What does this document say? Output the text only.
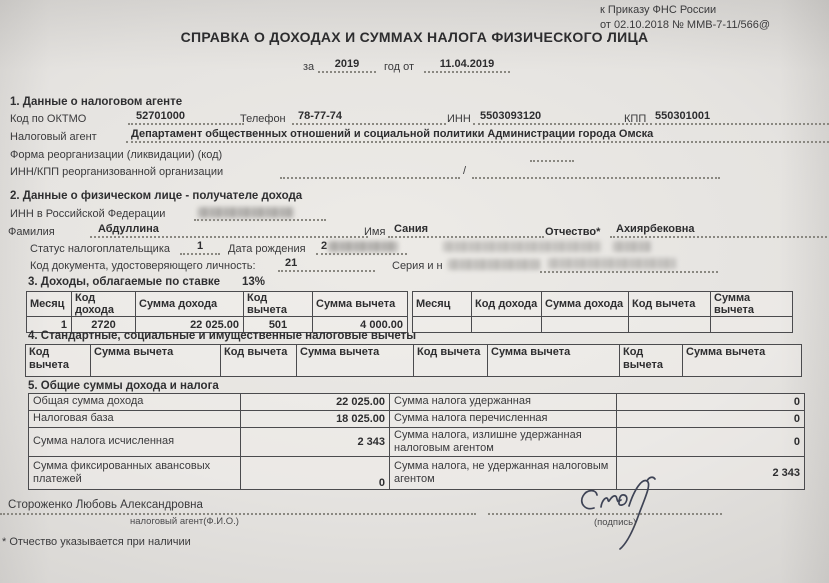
к Приказу ФНС России
от 02.10.2018 № ММВ-7-11/566@
СПРАВКА О ДОХОДАХ И СУММАХ НАЛОГА ФИЗИЧЕСКОГО ЛИЦА
за	2019	год от	11.04.2019
1. Данные о налоговом агенте
Код по ОКТМО	52701000	Телефон	78-77-74	ИНН 5503093120	КПП 550301001
Налоговый агент	Департамент общественных отношений и социальной политики Администрации города Омска
Форма реорганизации (ликвидации) (код)
ИНН/КПП реорганизованной организации	/
2. Данные о физическом лице - получателе дохода
ИНН в Российской Федерации
Фамилия	Абдуллина	Имя Сания	Отчество*	Ахиярбековна
Статус налогоплательщика	1	Дата рождения	2
Код документа, удостоверяющего личность:	21	Серия и н
3. Доходы, облагаемые по ставке 13%
Месяц	Код дохода	Сумма дохода	Код вычета	Сумма вычета
1	2720	22 025.00	501	4 000.00
Месяц	Код дохода	Сумма дохода	Код вычета	Сумма вычета

4. Стандартные, социальные и имущественные налоговые вычеты
Код вычета	Сумма вычета	Код вычета	Сумма вычета	Код вычета	Сумма вычета	Код вычета	Сумма вычета
5. Общие суммы дохода и налога
Общая сумма дохода	22 025.00	Сумма налога удержанная	0
Налоговая база	18 025.00	Сумма налога перечисленная	0
Сумма налога исчисленная	2 343	Сумма налога, излишне удержанная налоговым агентом	0
Сумма фиксированных авансовых платежей	0	Сумма налога, не удержанная налоговым агентом	2 343
Стороженко Любовь Александровна
налоговый агент(Ф.И.О.)	(подпись)
* Отчество указывается при наличии
